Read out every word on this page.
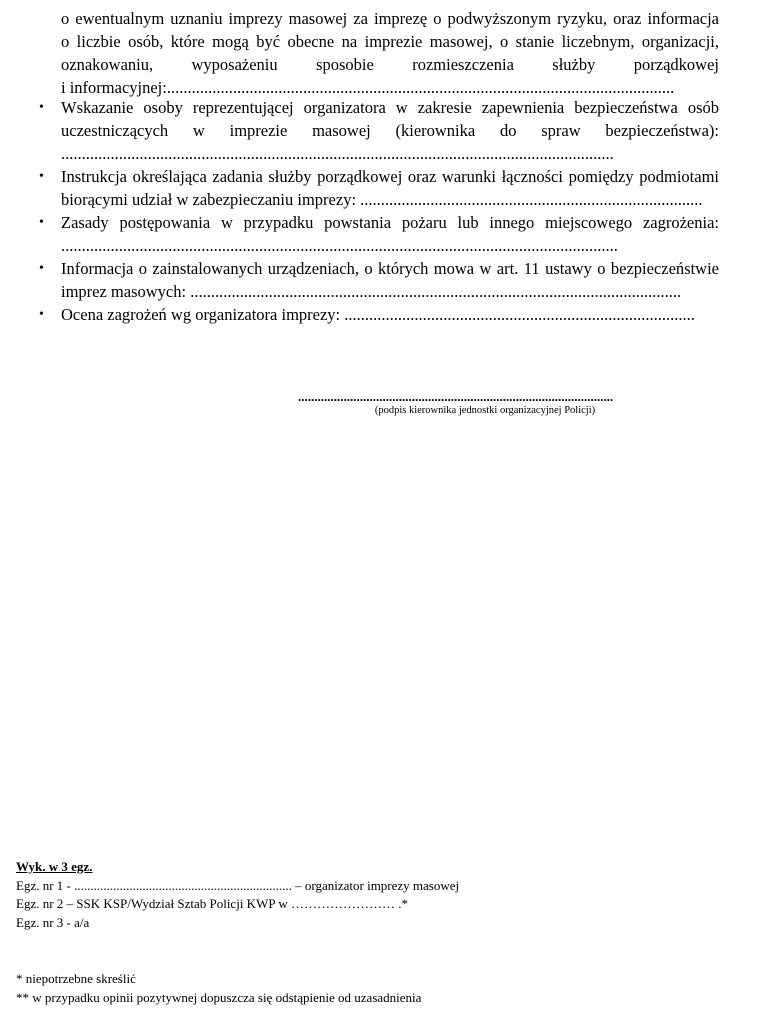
o ewentualnym uznaniu imprezy masowej za imprezę o podwyższonym ryzyku, oraz informacja
o liczbie osób, które mogą być obecne na imprezie masowej, o stanie liczebnym, organizacji,
oznakowaniu, wyposażeniu sposobie rozmieszczenia służby porządkowej
i informacyjnej:...........................................................................................................................
• Wskazanie osoby reprezentującej organizatora w zakresie zapewnienia bezpieczeństwa osób
uczestniczących w imprezie masowej (kierownika do spraw bezpieczeństwa):
......................................................................................................................................
• Instrukcja określająca zadania służby porządkowej oraz warunki łączności pomiędzy podmiotami
biorącymi udział w zabezpieczaniu imprezy: ...................................................................................
• Zasady postępowania w przypadku powstania pożaru lub innego miejscowego zagrożenia:
.......................................................................................................................................
• Informacja o zainstalowanych urządzeniach, o których mowa w art. 11 ustawy o bezpieczeństwie
imprez masowych: .......................................................................................................................
• Ocena zagrożeń wg organizatora imprezy: .....................................................................................
.................................................................................................
(podpis kierownika jednostki organizacyjnej Policji)
Wyk. w 3 egz.
Egz. nr 1 - ................................................................... – organizator imprezy masowej
Egz. nr 2 – SSK KSP/Wydział Sztab Policji KWP w …………………… .*
Egz. nr 3 - a/a
* niepotrzebne skreślić
** w przypadku opinii pozytywnej dopuszcza się odstąpienie od uzasadnienia
